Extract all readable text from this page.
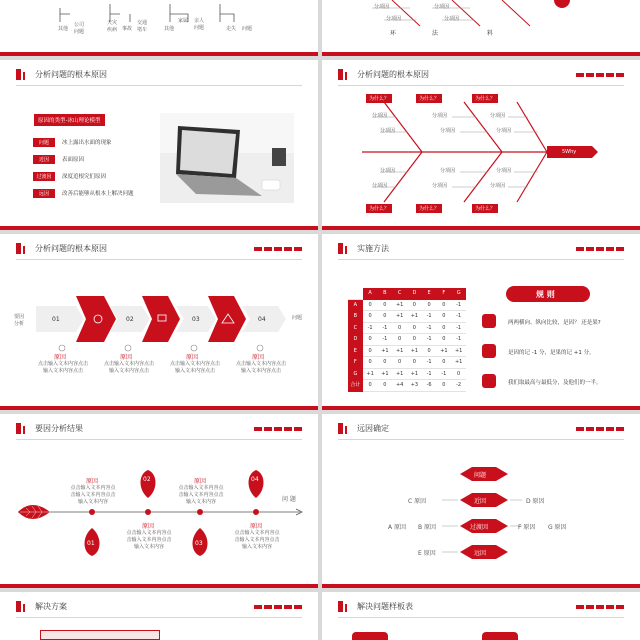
其他
公司问题
天灾疾病 事故
交通堵车
家属
其他
亲人问题	走失 问题
分项因	分项因
分项因	分项因
环	法	料
分析问题的根本原因
原因的类型-冰山理论模型
问题	冰上露出水面的现象
近因	表面原因
过渡因	深度追根究们原因
远因	改善后能够从根本上解决问题
分析问题的根本原因
为什么？	为什么？	为什么？
为什么？	为什么？	为什么？
分项因
分项因
分项因
分项因
分项因
分项因
分项因
分项因
分项因
分项因
分项因
分项因
5Why
分析问题的根本原因
要因分析
问题
01	02	03	04
原因
点击输入文本内容点击输入文本内容点击
原因
点击输入文本内容点击输入文本内容点击
原因
点击输入文本内容点击输入文本内容点击
原因
点击输入文本内容点击输入文本内容点击
实施方法
A	B	C	D	E	F	G
A	0	0	+1	0	0	0	-1
B	0	0	+1	+1	-1	0	-1
C	-1	-1	0	0	-1	0	-1
D	0	-1	0	0	-1	0	-1
E	0	+1	+1	+1	0	+1	+1
F	0	0	0	0	-1	0	+1
G	+1	+1	+1	+1	-1	-1	0
合计	0	0	+4	+3	-6	0	-2
规 则
两两横向、纵向比较，是因？ 还是果?
是因的记 -1 分，是果的记 +1 分。
我们取最高与最低分，及他们的一半。
要因分析结果
02	04
01	03
原因
点击输入文本内容点击输入文本内容点击输入文本内容
原因
点击输入文本内容点击输入文本内容点击输入文本内容
原因
点击输入文本内容点击输入文本内容点击输入文本内容
原因
点击输入文本内容点击输入文本内容点击输入文本内容
问 题
远因确定
问题
近因
过渡因
远因
C 原因	D 原因
A 原因 B 原因	F 原因 G 原因
E 原因
解决方案	解决问题样板表
